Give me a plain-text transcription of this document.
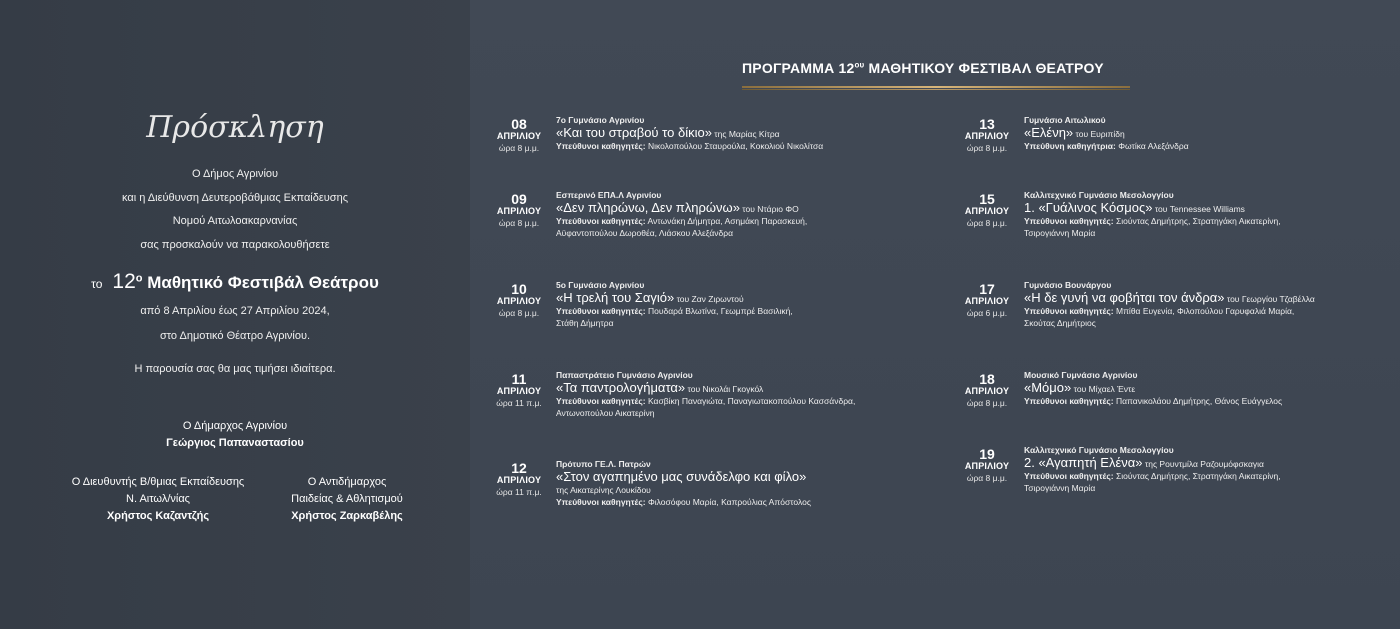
Πρόσκληση
Ο Δήμος Αγρινίου
και η Διεύθυνση Δευτεροβάθμιας Εκπαίδευσης
Νομού Αιτωλοακαρνανίας
σας προσκαλούν να παρακολουθήσετε
το $12^o$ Μαθητικό Φεστιβάλ Θεάτρου
από 8 Απριλίου έως 27 Απριλίου 2024,
στο Δημοτικό Θέατρο Αγρινίου.
Η παρουσία σας θα μας τιμήσει ιδιαίτερα.
Ο Δήμαρχος Αγρινίου
Γεώργιος Παπαναστασίου
Ο Διευθυντής Β/θμιας Εκπαίδευσης
Ν. Αιτωλ/νίας
Χρήστος Καζαντζής
Ο Αντιδήμαρχος
Παιδείας & Αθλητισμού
Χρήστος Ζαρκαβέλης
ΠΡΟΓΡΑΜΜΑ $12^{o\upsilon}$ ΜΑΘΗΤΙΚΟΥ ΦΕΣΤΙΒΑΛ ΘΕΑΤΡΟΥ
08
ΑΠΡΙΛΙΟΥ
ώρα 8 μ.μ.
7ο Γυμνάσιο Αγρινίου
«Και του στραβού το δίκιο» της Μαρίας Κίτρα
Υπεύθυνοι καθηγητές: Νικολοπούλου Σταυρούλα, Κοκολιού Νικολίτσα
09
ΑΠΡΙΛΙΟΥ
ώρα 8 μ.μ.
Εσπερινό ΕΠΑ.Λ Αγρινίου
«Δεν πληρώνω, Δεν πληρώνω» του Ντάριο ΦΟ
Υπεύθυνοι καθηγητές: Αντωνάκη Δήμητρα, Ασημάκη Παρασκευή,
Αϋφαντοπούλου Δωροθέα, Λιάσκου Αλεξάνδρα
10
ΑΠΡΙΛΙΟΥ
ώρα 8 μ.μ.
5ο Γυμνάσιο Αγρινίου
«Η τρελή του Σαγιό» του Ζαν Ζιρωντού
Υπεύθυνοι καθηγητές: Πουδαρά Βλωτίνα, Γεωμπρέ Βασιλική,
Στάθη Δήμητρα
11
ΑΠΡΙΛΙΟΥ
ώρα 11 π.μ.
Παπαστράτειο Γυμνάσιο Αγρινίου
«Τα παντρολογήματα» του Νικολάι Γκογκόλ
Υπεύθυνοι καθηγητές: Κασβίκη Παναγιώτα, Παναγιωτακοπούλου Κασσάνδρα,
Αντωνοπούλου Αικατερίνη
12
ΑΠΡΙΛΙΟΥ
ώρα 11 π.μ.
Πρότυπο ΓΕ.Λ. Πατρών
«Στον αγαπημένο μας συνάδελφο και φίλο»
της Αικατερίνης Λουκίδου
Υπεύθυνοι καθηγητές: Φιλοσόφου Μαρία, Καπρούλιας Απόστολος
13
ΑΠΡΙΛΙΟΥ
ώρα 8 μ.μ.
Γυμνάσιο Αιτωλικού
«Ελένη» του Ευριπίδη
Υπεύθυνη καθηγήτρια: Φωτίκα Αλεξάνδρα
15
ΑΠΡΙΛΙΟΥ
ώρα 8 μ.μ.
Καλλιτεχνικό Γυμνάσιο Μεσολογγίου
1. «Γυάλινος Κόσμος» του Tennessee Williams
Υπεύθυνοι καθηγητές: Σιούντας Δημήτρης, Στρατηγάκη Αικατερίνη,
Τσιρογιάννη Μαρία
17
ΑΠΡΙΛΙΟΥ
ώρα 6 μ.μ.
Γυμνάσιο Βουνάργου
«Η δε γυνή να φοβήται τον άνδρα» του Γεωργίου Τζαβέλλα
Υπεύθυνοι καθηγητές: Μπίθα Ευγενία, Φιλοπούλου Γαρυφαλιά Μαρία,
Σκούτας Δημήτριος
18
ΑΠΡΙΛΙΟΥ
ώρα 8 μ.μ.
Μουσικό Γυμνάσιο Αγρινίου
«Μόμο» του Μίχαελ Έντε
Υπεύθυνοι καθηγητές: Παπανικολάου Δημήτρης, Θάνος Ευάγγελος
19
ΑΠΡΙΛΙΟΥ
ώρα 8 μ.μ.
Καλλιτεχνικό Γυμνάσιο Μεσολογγίου
2. «Αγαπητή Ελένα» της Ρουντμίλα Ραζουμόφσκαγια
Υπεύθυνοι καθηγητές: Σιούντας Δημήτρης, Στρατηγάκη Αικατερίνη,
Τσιρογιάννη Μαρία
